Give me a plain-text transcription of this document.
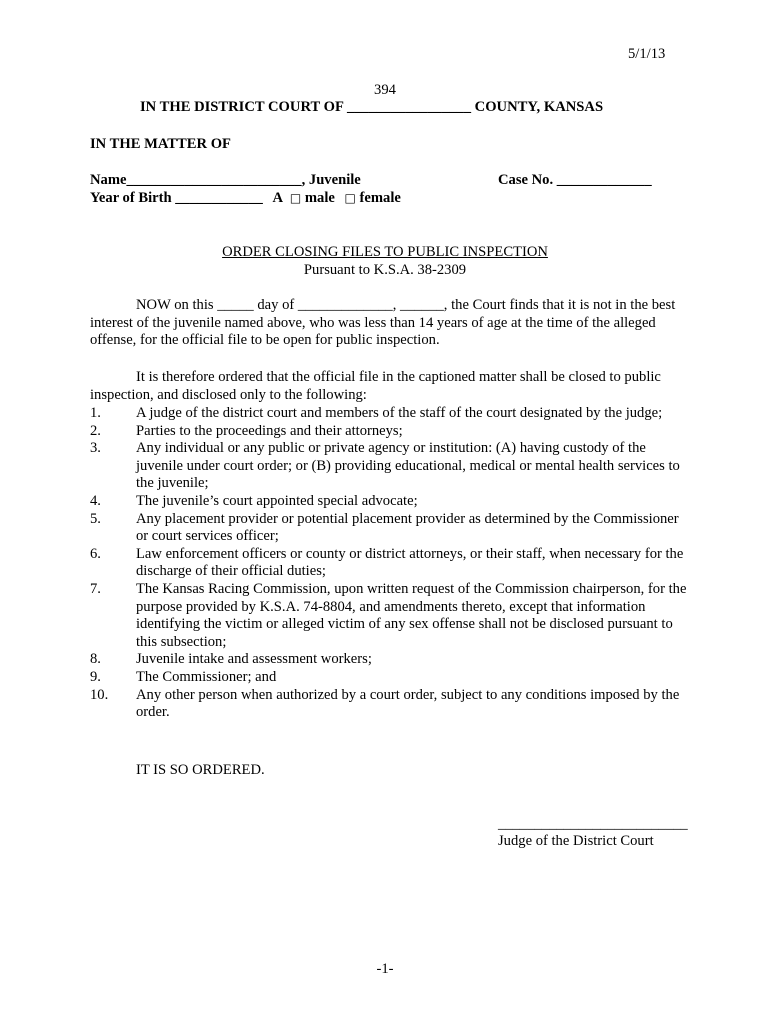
5/1/13
394
IN THE DISTRICT COURT OF _________________ COUNTY, KANSAS
IN THE MATTER OF
Name________________________, Juvenile	Case No. _____________
Year of Birth ____________ A □ male □ female
ORDER CLOSING FILES TO PUBLIC INSPECTION
Pursuant to K.S.A. 38-2309

NOW on this _____ day of _____________, ______, the Court finds that it is not in the best interest of the juvenile named above, who was less than 14 years of age at the time of the alleged offense, for the official file to be open for public inspection.

It is therefore ordered that the official file in the captioned matter shall be closed to public inspection, and disclosed only to the following:

1. A judge of the district court and members of the staff of the court designated by the judge;
2. Parties to the proceedings and their attorneys;
3. Any individual or any public or private agency or institution: (A) having custody of the juvenile under court order; or (B) providing educational, medical or mental health services to the juvenile;
4. The juvenile’s court appointed special advocate;
5. Any placement provider or potential placement provider as determined by the Commissioner or court services officer;
6. Law enforcement officers or county or district attorneys, or their staff, when necessary for the discharge of their official duties;
7. The Kansas Racing Commission, upon written request of the Commission chairperson, for the purpose provided by K.S.A. 74-8804, and amendments thereto, except that information identifying the victim or alleged victim of any sex offense shall not be disclosed pursuant to this subsection;
8. Juvenile intake and assessment workers;
9. The Commissioner; and
10. Any other person when authorized by a court order, subject to any conditions imposed by the order.
IT IS SO ORDERED.
__________________________
Judge of the District Court
-1-
